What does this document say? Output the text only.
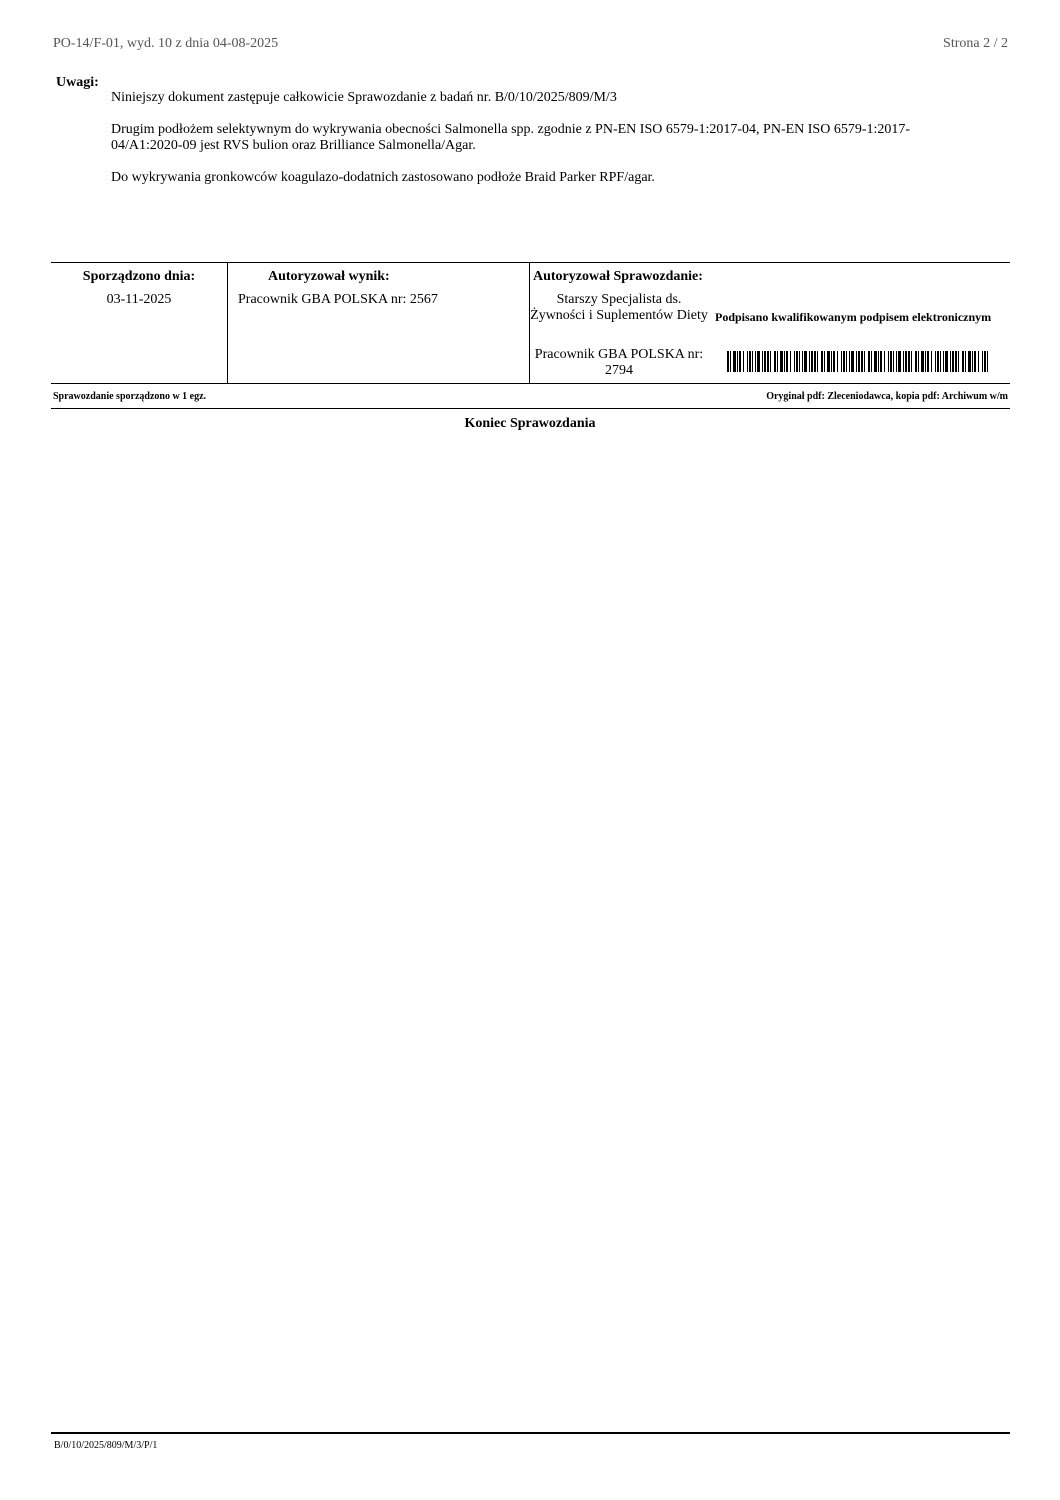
PO-14/F-01, wyd. 10 z dnia 04-08-2025	Strona 2 / 2
Uwagi:

Niniejszy dokument zastępuje całkowicie Sprawozdanie z badań nr. B/0/10/2025/809/M/3

Drugim podłożem selektywnym do wykrywania obecności Salmonella spp. zgodnie z PN-EN ISO 6579-1:2017-04, PN-EN ISO 6579-1:2017-04/A1:2020-09 jest RVS bulion oraz Brilliance Salmonella/Agar.

Do wykrywania gronkowców koagulazo-dodatnich zastosowano podłoże Braid Parker RPF/agar.

Sporządzono dnia:
03-11-2025
Autoryzował wynik:
Pracownik GBA POLSKA nr: 2567
Autoryzował Sprawozdanie:
Starszy Specjalista ds. Żywności i Suplementów Diety
Pracownik GBA POLSKA nr: 2794
Podpisano kwalifikowanym podpisem elektronicznym
Sprawozdanie sporządzono w 1 egz.	Oryginał pdf: Zleceniodawca, kopia pdf: Archiwum w/m
Koniec Sprawozdania
B/0/10/2025/809/M/3/P/1
